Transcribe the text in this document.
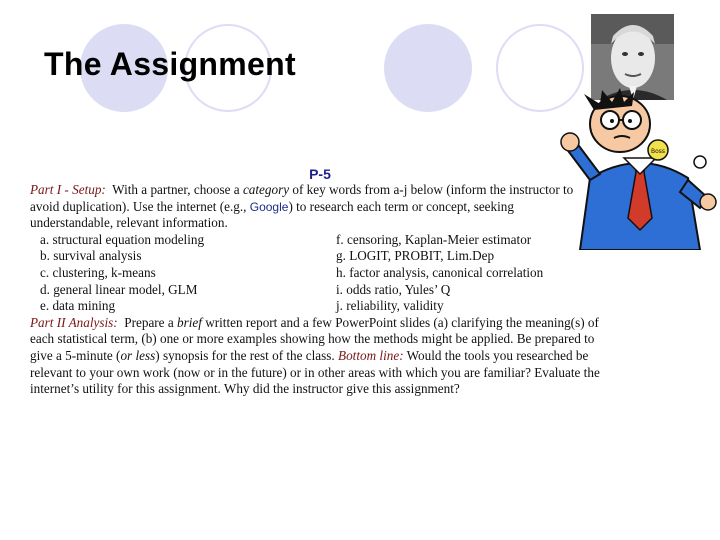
The Assignment
Boss
P-5

Part I - Setup: With a partner, choose a category of key words from a-j below (inform the instructor to avoid duplication). Use the internet (e.g., Google) to research each term or concept, seeking understandable, relevant information.

a. structural equation modeling	f. censoring, Kaplan-Meier estimator
b. survival analysis	g. LOGIT, PROBIT, Lim.Dep
c. clustering, k-means	h. factor analysis, canonical correlation
d. general linear model, GLM	i. odds ratio, Yules’ Q
e. data mining	j. reliability, validity

Part II Analysis: Prepare a brief written report and a few PowerPoint slides (a) clarifying the meaning(s) of each statistical term, (b) one or more examples showing how the methods might be applied. Be prepared to give a 5-minute (or less) synopsis for the rest of the class. Bottom line: Would the tools you researched be relevant to your own work (now or in the future) or in other areas with which you are familiar? Evaluate the internet’s utility for this assignment. Why did the instructor give this assignment?
